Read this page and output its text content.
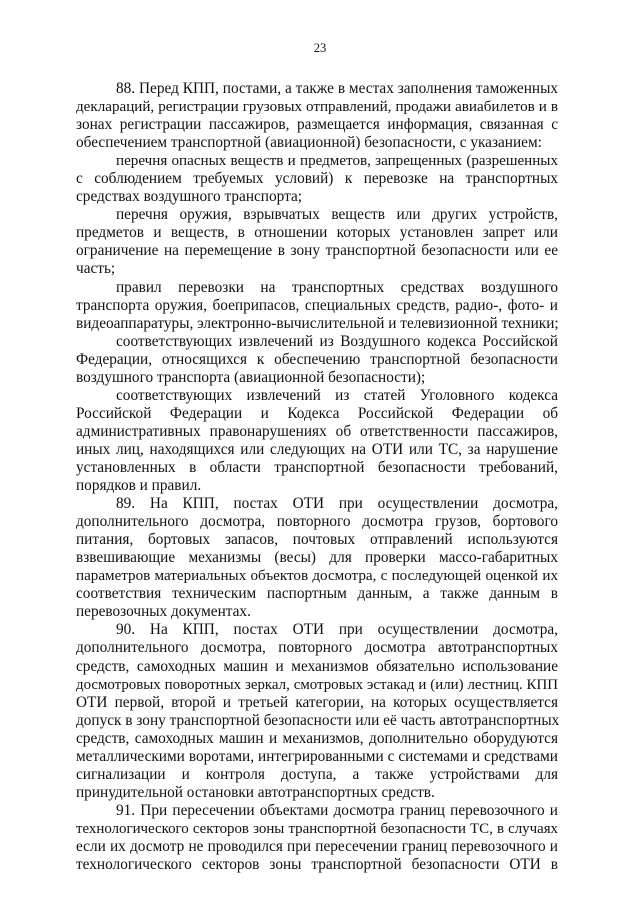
23
88. Перед КПП, постами, а также в местах заполнения таможенных
деклараций, регистрации грузовых отправлений, продажи авиабилетов и в
зонах регистрации пассажиров, размещается информация, связанная с
обеспечением транспортной (авиационной) безопасности, с указанием:
перечня опасных веществ и предметов, запрещенных (разрешенных
с соблюдением требуемых условий) к перевозке на транспортных
средствах воздушного транспорта;
перечня оружия, взрывчатых веществ или других устройств,
предметов и веществ, в отношении которых установлен запрет или
ограничение на перемещение в зону транспортной безопасности или ее
часть;
правил перевозки на транспортных средствах воздушного
транспорта оружия, боеприпасов, специальных средств, радио-, фото- и
видеоаппаратуры, электронно-вычислительной и телевизионной техники;
соответствующих извлечений из Воздушного кодекса Российской
Федерации, относящихся к обеспечению транспортной безопасности
воздушного транспорта (авиационной безопасности);
соответствующих извлечений из статей Уголовного кодекса
Российской Федерации и Кодекса Российской Федерации об
административных правонарушениях об ответственности пассажиров,
иных лиц, находящихся или следующих на ОТИ или ТС, за нарушение
установленных в области транспортной безопасности требований,
порядков и правил.
89. На КПП, постах ОТИ при осуществлении досмотра,
дополнительного досмотра, повторного досмотра грузов, бортового
питания, бортовых запасов, почтовых отправлений используются
взвешивающие механизмы (весы) для проверки массо-габаритных
параметров материальных объектов досмотра, с последующей оценкой их
соответствия техническим паспортным данным, а также данным в
перевозочных документах.
90. На КПП, постах ОТИ при осуществлении досмотра,
дополнительного досмотра, повторного досмотра автотранспортных
средств, самоходных машин и механизмов обязательно использование
досмотровых поворотных зеркал, смотровых эстакад и (или) лестниц. КПП
ОТИ первой, второй и третьей категории, на которых осуществляется
допуск в зону транспортной безопасности или её часть автотранспортных
средств, самоходных машин и механизмов, дополнительно оборудуются
металлическими воротами, интегрированными с системами и средствами
сигнализации и контроля доступа, а также устройствами для
принудительной остановки автотранспортных средств.
91. При пересечении объектами досмотра границ перевозочного и
технологического секторов зоны транспортной безопасности ТС, в случаях
если их досмотр не проводился при пересечении границ перевозочного и
технологического секторов зоны транспортной безопасности ОТИ в
